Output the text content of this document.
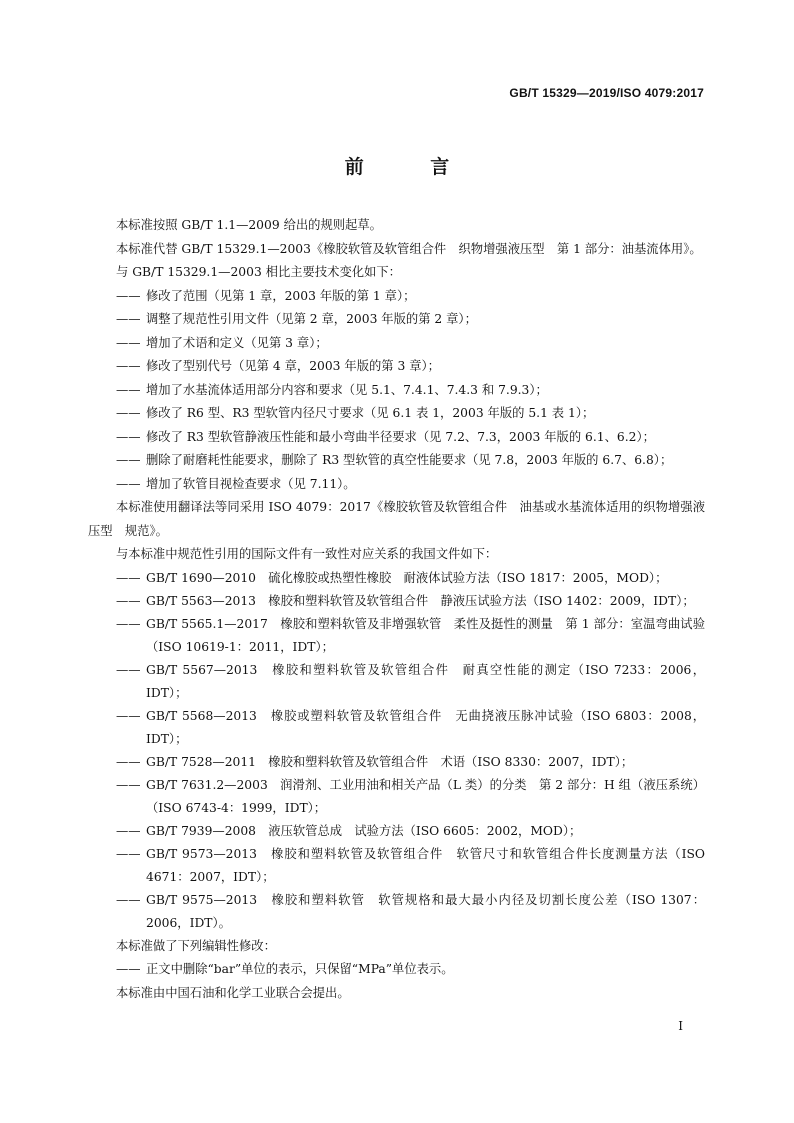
GB/T 15329—2019/ISO 4079:2017
前 言

本标准按照 GB/T 1.1—2009 给出的规则起草。

本标准代替 GB/T 15329.1—2003《橡胶软管及软管组合件　织物增强液压型　第 1 部分：油基流体用》。

与 GB/T 15329.1—2003 相比主要技术变化如下：

—— 修改了范围（见第 1 章，2003 年版的第 1 章）；

—— 调整了规范性引用文件（见第 2 章，2003 年版的第 2 章）；

—— 增加了术语和定义（见第 3 章）；

—— 修改了型别代号（见第 4 章，2003 年版的第 3 章）；

—— 增加了水基流体适用部分内容和要求（见 5.1、7.4.1、7.4.3 和 7.9.3）；

—— 修改了 R6 型、R3 型软管内径尺寸要求（见 6.1 表 1，2003 年版的 5.1 表 1）；

—— 修改了 R3 型软管静液压性能和最小弯曲半径要求（见 7.2、7.3，2003 年版的 6.1、6.2）；

—— 删除了耐磨耗性能要求，删除了 R3 型软管的真空性能要求（见 7.8，2003 年版的 6.7、6.8）；

—— 增加了软管目视检查要求（见 7.11）。

本标准使用翻译法等同采用 ISO 4079：2017《橡胶软管及软管组合件　油基或水基流体适用的织物增强液压型　规范》。

与本标准中规范性引用的国际文件有一致性对应关系的我国文件如下：

—— GB/T 1690—2010　硫化橡胶或热塑性橡胶　耐液体试验方法（ISO 1817：2005，MOD）；

—— GB/T 5563—2013　橡胶和塑料软管及软管组合件　静液压试验方法（ISO 1402：2009，IDT）；

—— GB/T 5565.1—2017　橡胶和塑料软管及非增强软管　柔性及挺性的测量　第 1 部分：室温弯曲试验（ISO 10619-1：2011，IDT）；

—— GB/T 5567—2013　橡胶和塑料软管及软管组合件　耐真空性能的测定（ISO 7233：2006，IDT）；

—— GB/T 5568—2013　橡胶或塑料软管及软管组合件　无曲挠液压脉冲试验（ISO 6803：2008，IDT）；

—— GB/T 7528—2011　橡胶和塑料软管及软管组合件　术语（ISO 8330：2007，IDT）；

—— GB/T 7631.2—2003　润滑剂、工业用油和相关产品（L 类）的分类　第 2 部分：H 组（液压系统）（ISO 6743-4：1999，IDT）；

—— GB/T 7939—2008　液压软管总成　试验方法（ISO 6605：2002，MOD）；

—— GB/T 9573—2013　橡胶和塑料软管及软管组合件　软管尺寸和软管组合件长度测量方法（ISO 4671：2007，IDT）；

—— GB/T 9575—2013　橡胶和塑料软管　软管规格和最大最小内径及切割长度公差（ISO 1307：2006，IDT）。

本标准做了下列编辑性修改：

—— 正文中删除“bar”单位的表示，只保留“MPa”单位表示。

本标准由中国石油和化学工业联合会提出。

I
